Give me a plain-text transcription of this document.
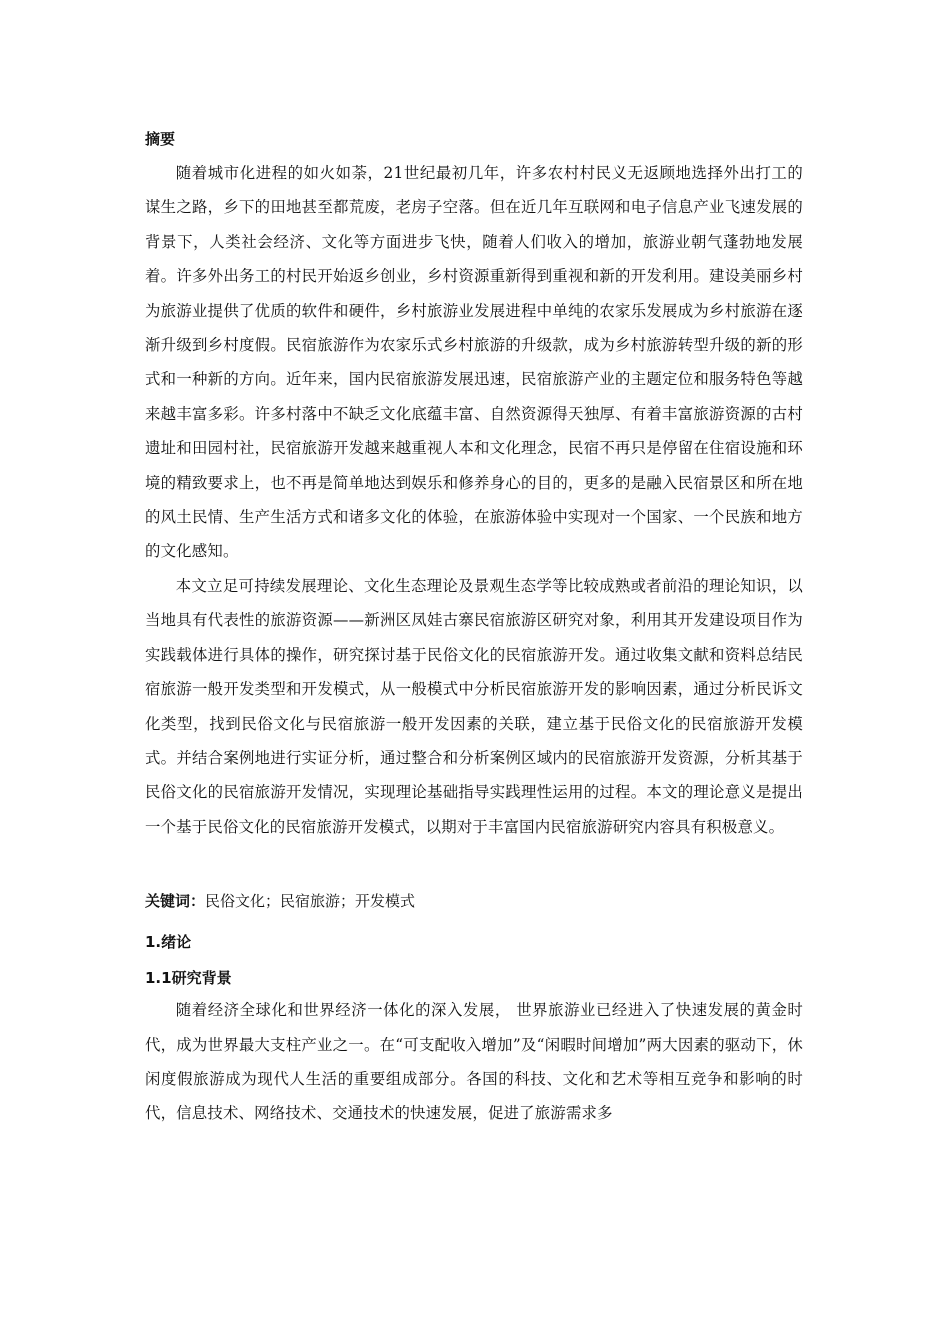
摘要

随着城市化进程的如火如荼，21世纪最初几年，许多农村村民义无返顾地选择外出打工的谋生之路，乡下的田地甚至都荒废，老房子空落。但在近几年互联网和电子信息产业飞速发展的背景下，人类社会经济、文化等方面进步飞快，随着人们收入的增加，旅游业朝气蓬勃地发展着。许多外出务工的村民开始返乡创业，乡村资源重新得到重视和新的开发利用。建设美丽乡村为旅游业提供了优质的软件和硬件，乡村旅游业发展进程中单纯的农家乐发展成为乡村旅游在逐渐升级到乡村度假。民宿旅游作为农家乐式乡村旅游的升级款，成为乡村旅游转型升级的新的形式和一种新的方向。近年来，国内民宿旅游发展迅速，民宿旅游产业的主题定位和服务特色等越来越丰富多彩。许多村落中不缺乏文化底蕴丰富、自然资源得天独厚、有着丰富旅游资源的古村遗址和田园村社，民宿旅游开发越来越重视人本和文化理念，民宿不再只是停留在住宿设施和环境的精致要求上，也不再是简单地达到娱乐和修养身心的目的，更多的是融入民宿景区和所在地的风土民情、生产生活方式和诸多文化的体验，在旅游体验中实现对一个国家、一个民族和地方的文化感知。

本文立足可持续发展理论、文化生态理论及景观生态学等比较成熟或者前沿的理论知识，以当地具有代表性的旅游资源——新洲区凤娃古寨民宿旅游区研究对象，利用其开发建设项目作为实践载体进行具体的操作，研究探讨基于民俗文化的民宿旅游开发。通过收集文献和资料总结民宿旅游一般开发类型和开发模式，从一般模式中分析民宿旅游开发的影响因素，通过分析民诉文化类型，找到民俗文化与民宿旅游一般开发因素的关联，建立基于民俗文化的民宿旅游开发模式。并结合案例地进行实证分析，通过整合和分析案例区域内的民宿旅游开发资源，分析其基于民俗文化的民宿旅游开发情况，实现理论基础指导实践理性运用的过程。本文的理论意义是提出一个基于民俗文化的民宿旅游开发模式，以期对于丰富国内民宿旅游研究内容具有积极意义。

关键词：民俗文化；民宿旅游；开发模式

1.绪论

1.1研究背景

随着经济全球化和世界经济一体化的深入发展， 世界旅游业已经进入了快速发展的黄金时代，成为世界最大支柱产业之一。在“可支配收入增加”及“闲暇时间增加”两大因素的驱动下，休闲度假旅游成为现代人生活的重要组成部分。各国的科技、文化和艺术等相互竞争和影响的时代，信息技术、网络技术、交通技术的快速发展，促进了旅游需求多
